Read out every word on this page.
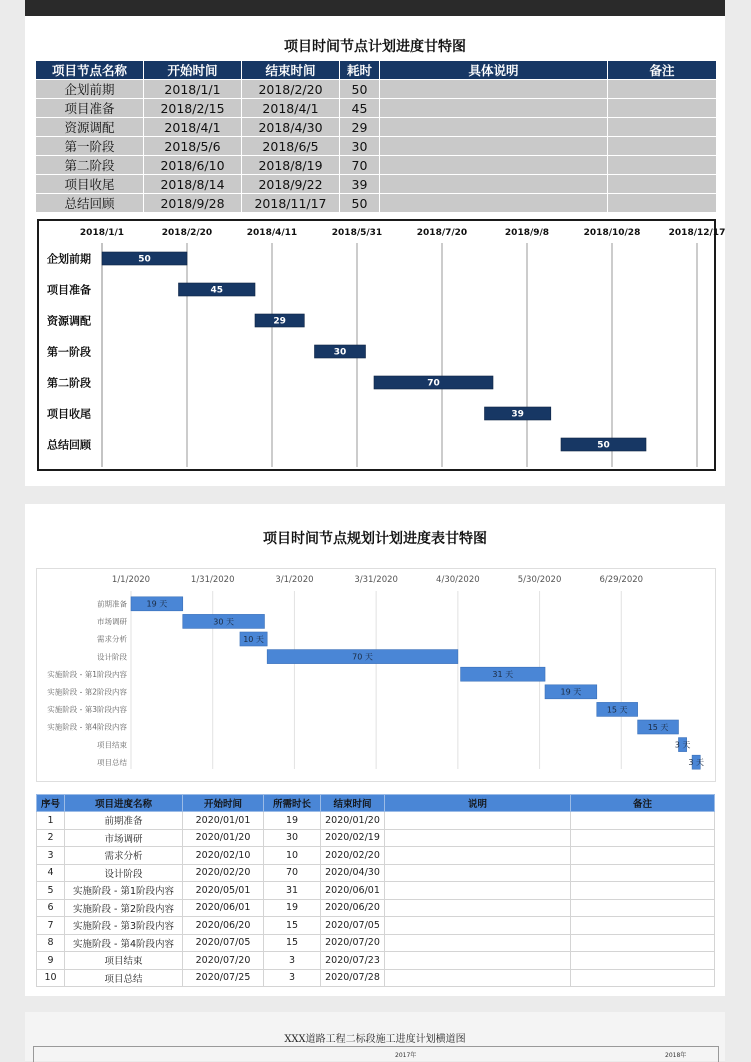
项目时间节点计划进度甘特图
项目节点名称	开始时间	结束时间	耗时	具体说明	备注
企划前期	2018/1/1	2018/2/20	50		
项目准备	2018/2/15	2018/4/1	45		
资源调配	2018/4/1	2018/4/30	29		
第一阶段	2018/5/6	2018/6/5	30		
第二阶段	2018/6/10	2018/8/19	70		
项目收尾	2018/8/14	2018/9/22	39		
总结回顾	2018/9/28	2018/11/17	50		
2018/1/1	2018/2/20	2018/4/11	2018/5/31	2018/7/20	2018/9/8	2018/10/28	2018/12/17
企划前期	50
项目准备	45
资源调配	29
第一阶段	30
第二阶段	70
项目收尾	39
总结回顾	50
项目时间节点规划计划进度表甘特图
1/1/2020	1/31/2020	3/1/2020	3/31/2020	4/30/2020	5/30/2020	6/29/2020
前期准备 19 天
市场调研	30 天
需求分析	10 天
设计阶段	70 天
实施阶段 - 第1阶段内容	31 天
实施阶段 - 第2阶段内容	19 天
实施阶段 - 第3阶段内容	15 天
实施阶段 - 第4阶段内容	15 天
项目结束	3 天
项目总结	3 天
序号	项目进度名称	开始时间	所需时长	结束时间	说明	备注
1	前期准备	2020/01/01	19	2020/01/20		
2	市场调研	2020/01/20	30	2020/02/19		
3	需求分析	2020/02/10	10	2020/02/20		
4	设计阶段	2020/02/20	70	2020/04/30		
5	实施阶段 - 第1阶段内容	2020/05/01	31	2020/06/01		
6	实施阶段 - 第2阶段内容	2020/06/01	19	2020/06/20		
7	实施阶段 - 第3阶段内容	2020/06/20	15	2020/07/05		
8	实施阶段 - 第4阶段内容	2020/07/05	15	2020/07/20		
9	项目结束	2020/07/20	3	2020/07/23		
10	项目总结	2020/07/25	3	2020/07/28		
XXX道路工程二标段施工进度计划横道图
2017年	2018年
